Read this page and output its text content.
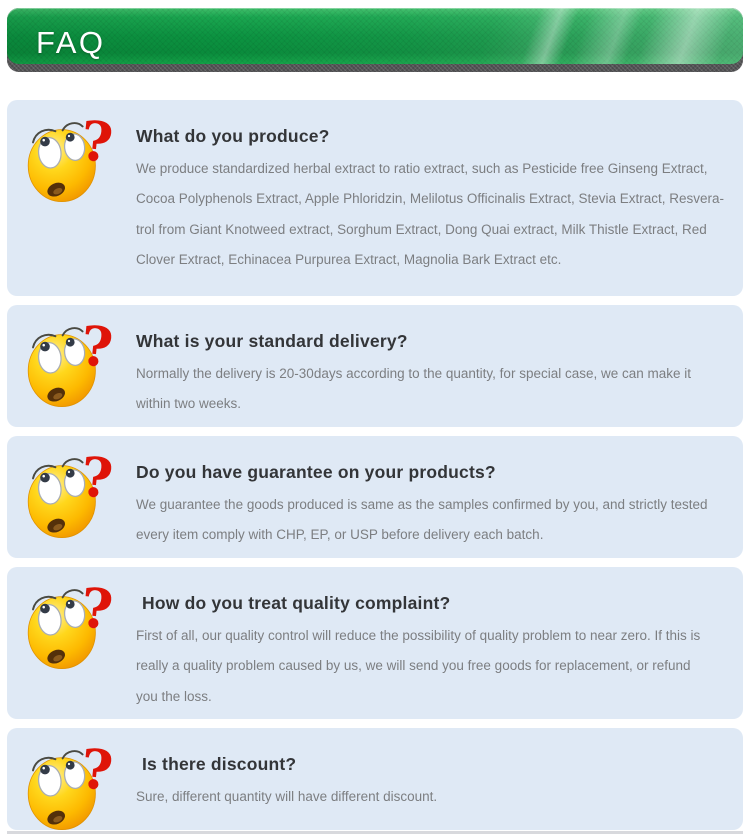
FAQ
What do you produce?
We produce standardized herbal extract to ratio extract, such as Pesticide free Ginseng Extract,
Cocoa Polyphenols Extract, Apple Phloridzin, Melilotus Officinalis Extract, Stevia Extract, Resvera-
trol from Giant Knotweed extract, Sorghum Extract, Dong Quai extract, Milk Thistle Extract, Red
Clover Extract, Echinacea Purpurea Extract, Magnolia Bark Extract etc.
What is your standard delivery?
Normally the delivery is 20-30days according to the quantity, for special case, we can make it
within two weeks.
Do you have guarantee on your products?
We guarantee the goods produced is same as the samples confirmed by you, and strictly tested
every item comply with CHP, EP, or USP before delivery each batch.
How do you treat quality complaint?
First of all, our quality control will reduce the possibility of quality problem to near zero. If this is
really a quality problem caused by us, we will send you free goods for replacement, or refund
you the loss.
Is there discount?
Sure, different quantity will have different discount.
